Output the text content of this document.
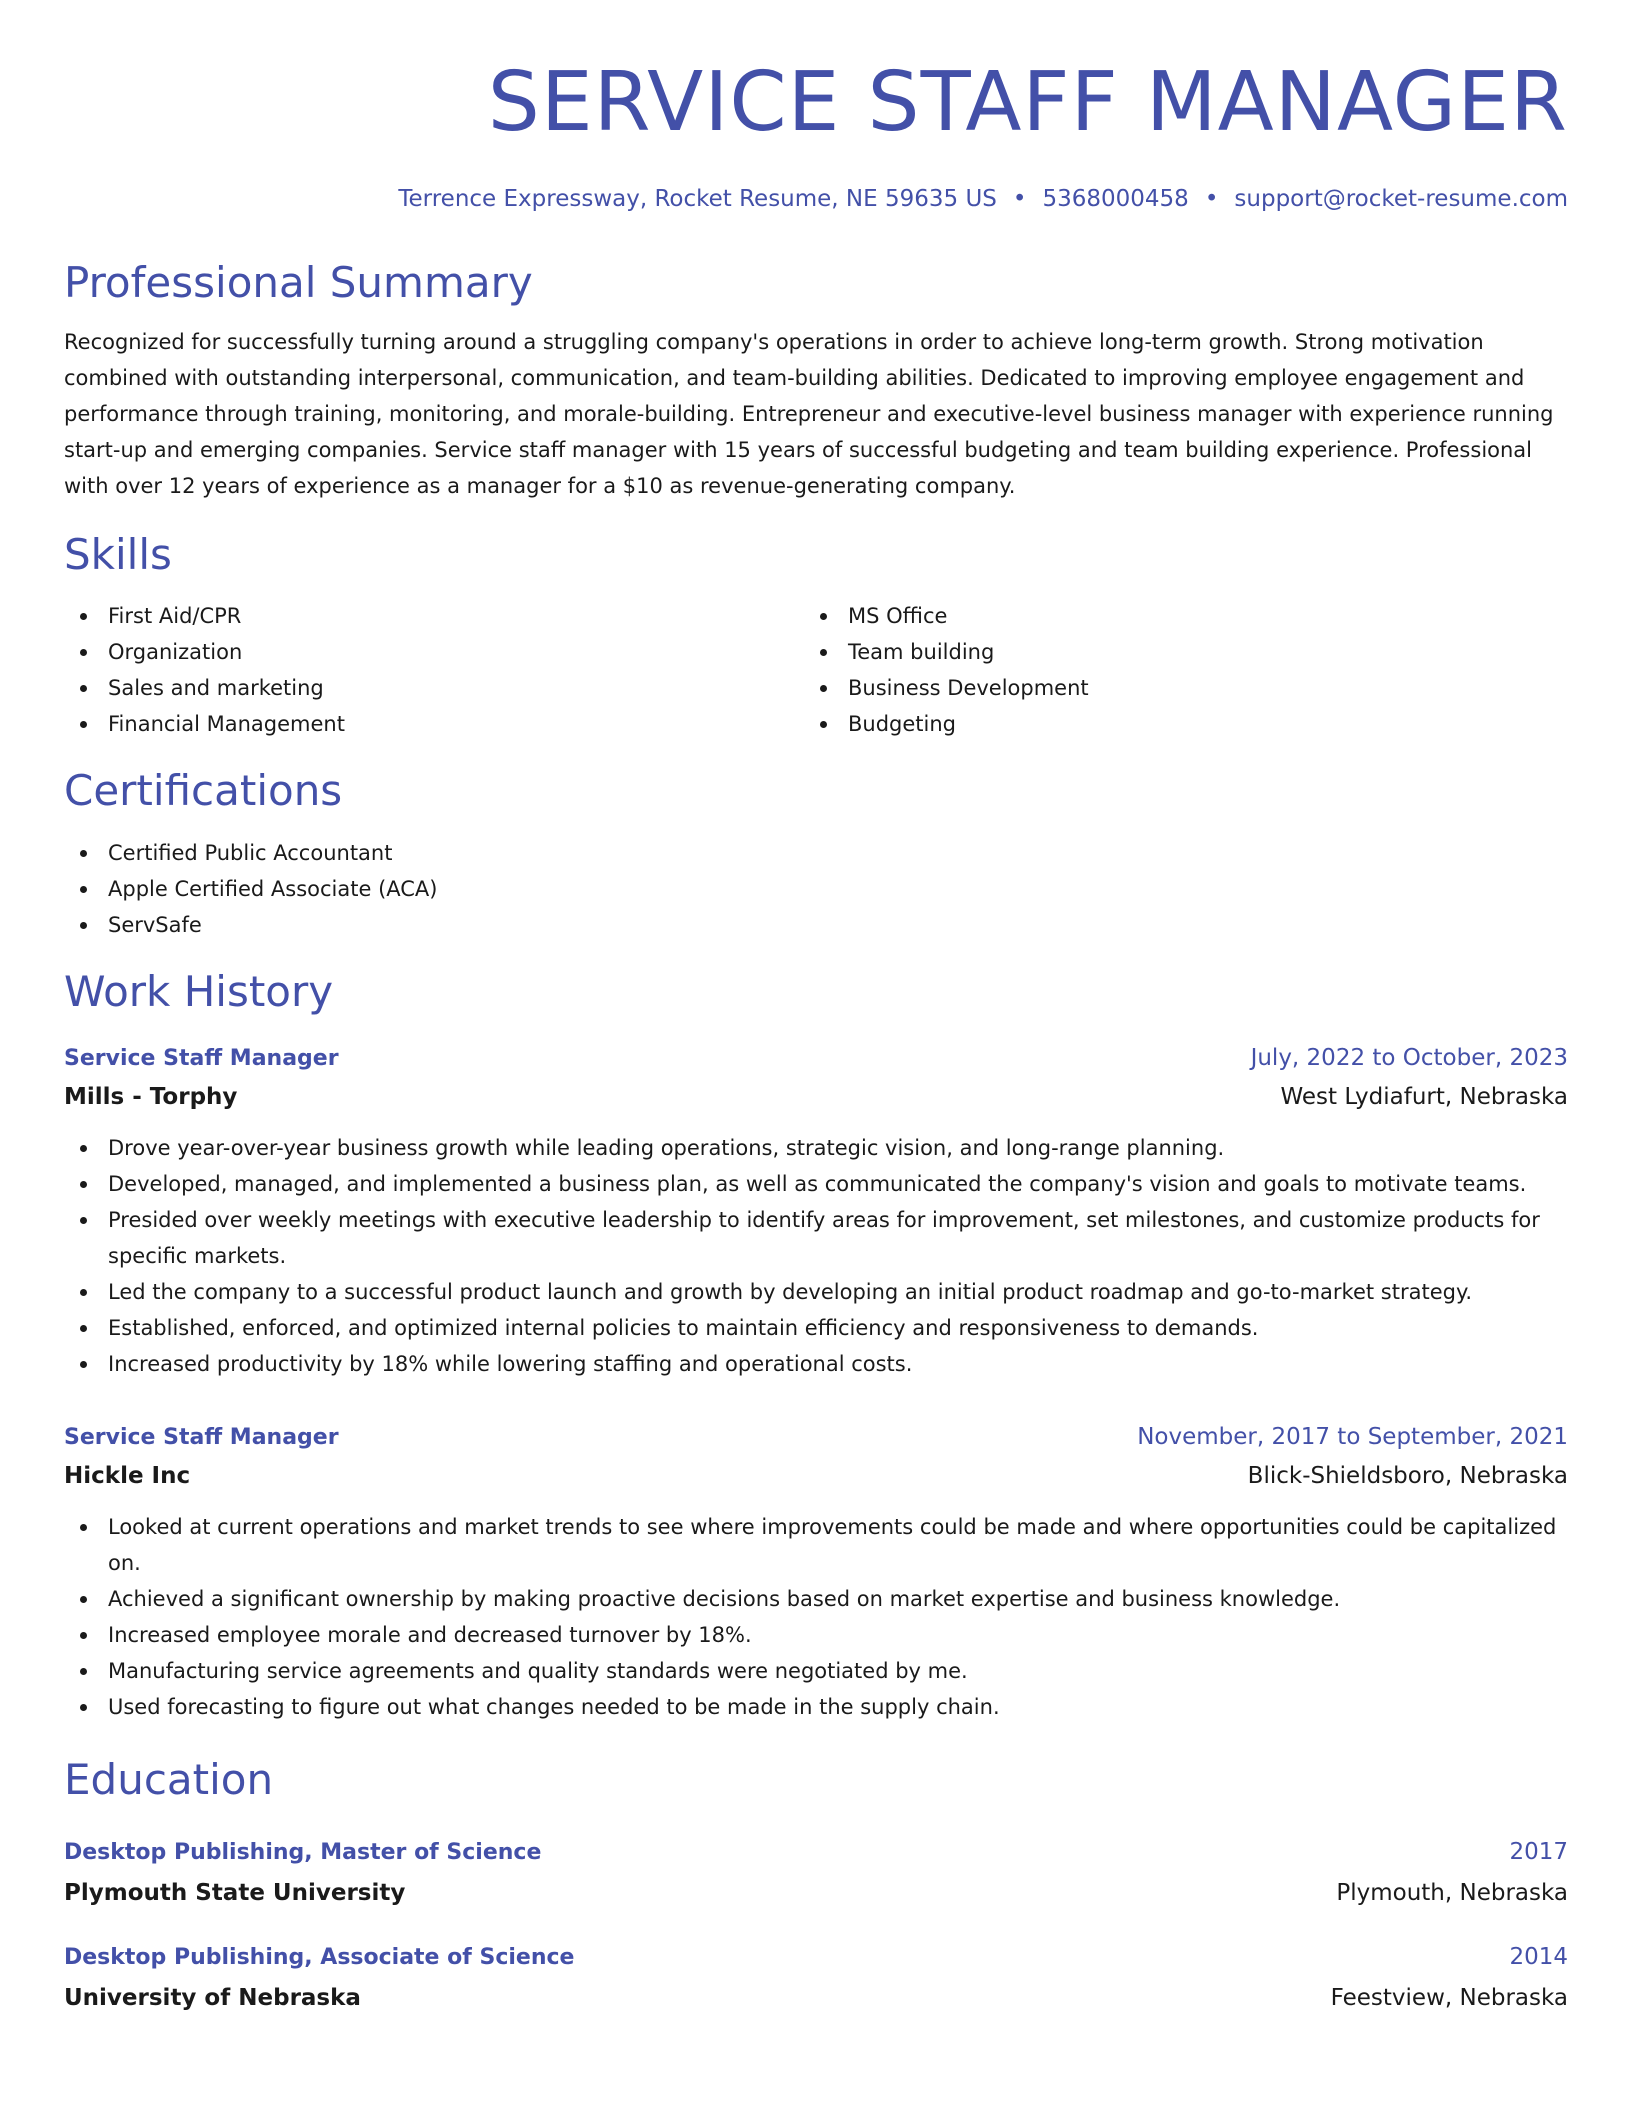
SERVICE STAFF MANAGER
Terrence Expressway, Rocket Resume, NE 59635 US • 5368000458 • support@rocket-resume.com
Professional Summary

Recognized for successfully turning around a struggling company's operations in order to achieve long-term growth. Strong motivation combined with outstanding interpersonal, communication, and team-building abilities. Dedicated to improving employee engagement and performance through training, monitoring, and morale-building. Entrepreneur and executive-level business manager with experience running start-up and emerging companies. Service staff manager with 15 years of successful budgeting and team building experience. Professional with over 12 years of experience as a manager for a $10 as revenue-generating company.

Skills
First Aid/CPR
Organization
Sales and marketing
Financial Management
MS Office
Team building
Business Development
Budgeting
Certifications
Certified Public Accountant
Apple Certified Associate (ACA)
ServSafe
Work History
Service Staff Manager	July, 2022 to October, 2023
Mills - Torphy	West Lydiafurt, Nebraska
Drove year-over-year business growth while leading operations, strategic vision, and long-range planning.
Developed, managed, and implemented a business plan, as well as communicated the company's vision and goals to motivate teams.
Presided over weekly meetings with executive leadership to identify areas for improvement, set milestones, and customize products for specific markets.
Led the company to a successful product launch and growth by developing an initial product roadmap and go-to-market strategy.
Established, enforced, and optimized internal policies to maintain efficiency and responsiveness to demands.
Increased productivity by 18% while lowering staffing and operational costs.
Service Staff Manager	November, 2017 to September, 2021
Hickle Inc	Blick-Shieldsboro, Nebraska
Looked at current operations and market trends to see where improvements could be made and where opportunities could be capitalized on.
Achieved a significant ownership by making proactive decisions based on market expertise and business knowledge.
Increased employee morale and decreased turnover by 18%.
Manufacturing service agreements and quality standards were negotiated by me.
Used forecasting to figure out what changes needed to be made in the supply chain.
Education
Desktop Publishing, Master of Science	2017
Plymouth State University	Plymouth, Nebraska
Desktop Publishing, Associate of Science	2014
University of Nebraska	Feestview, Nebraska
